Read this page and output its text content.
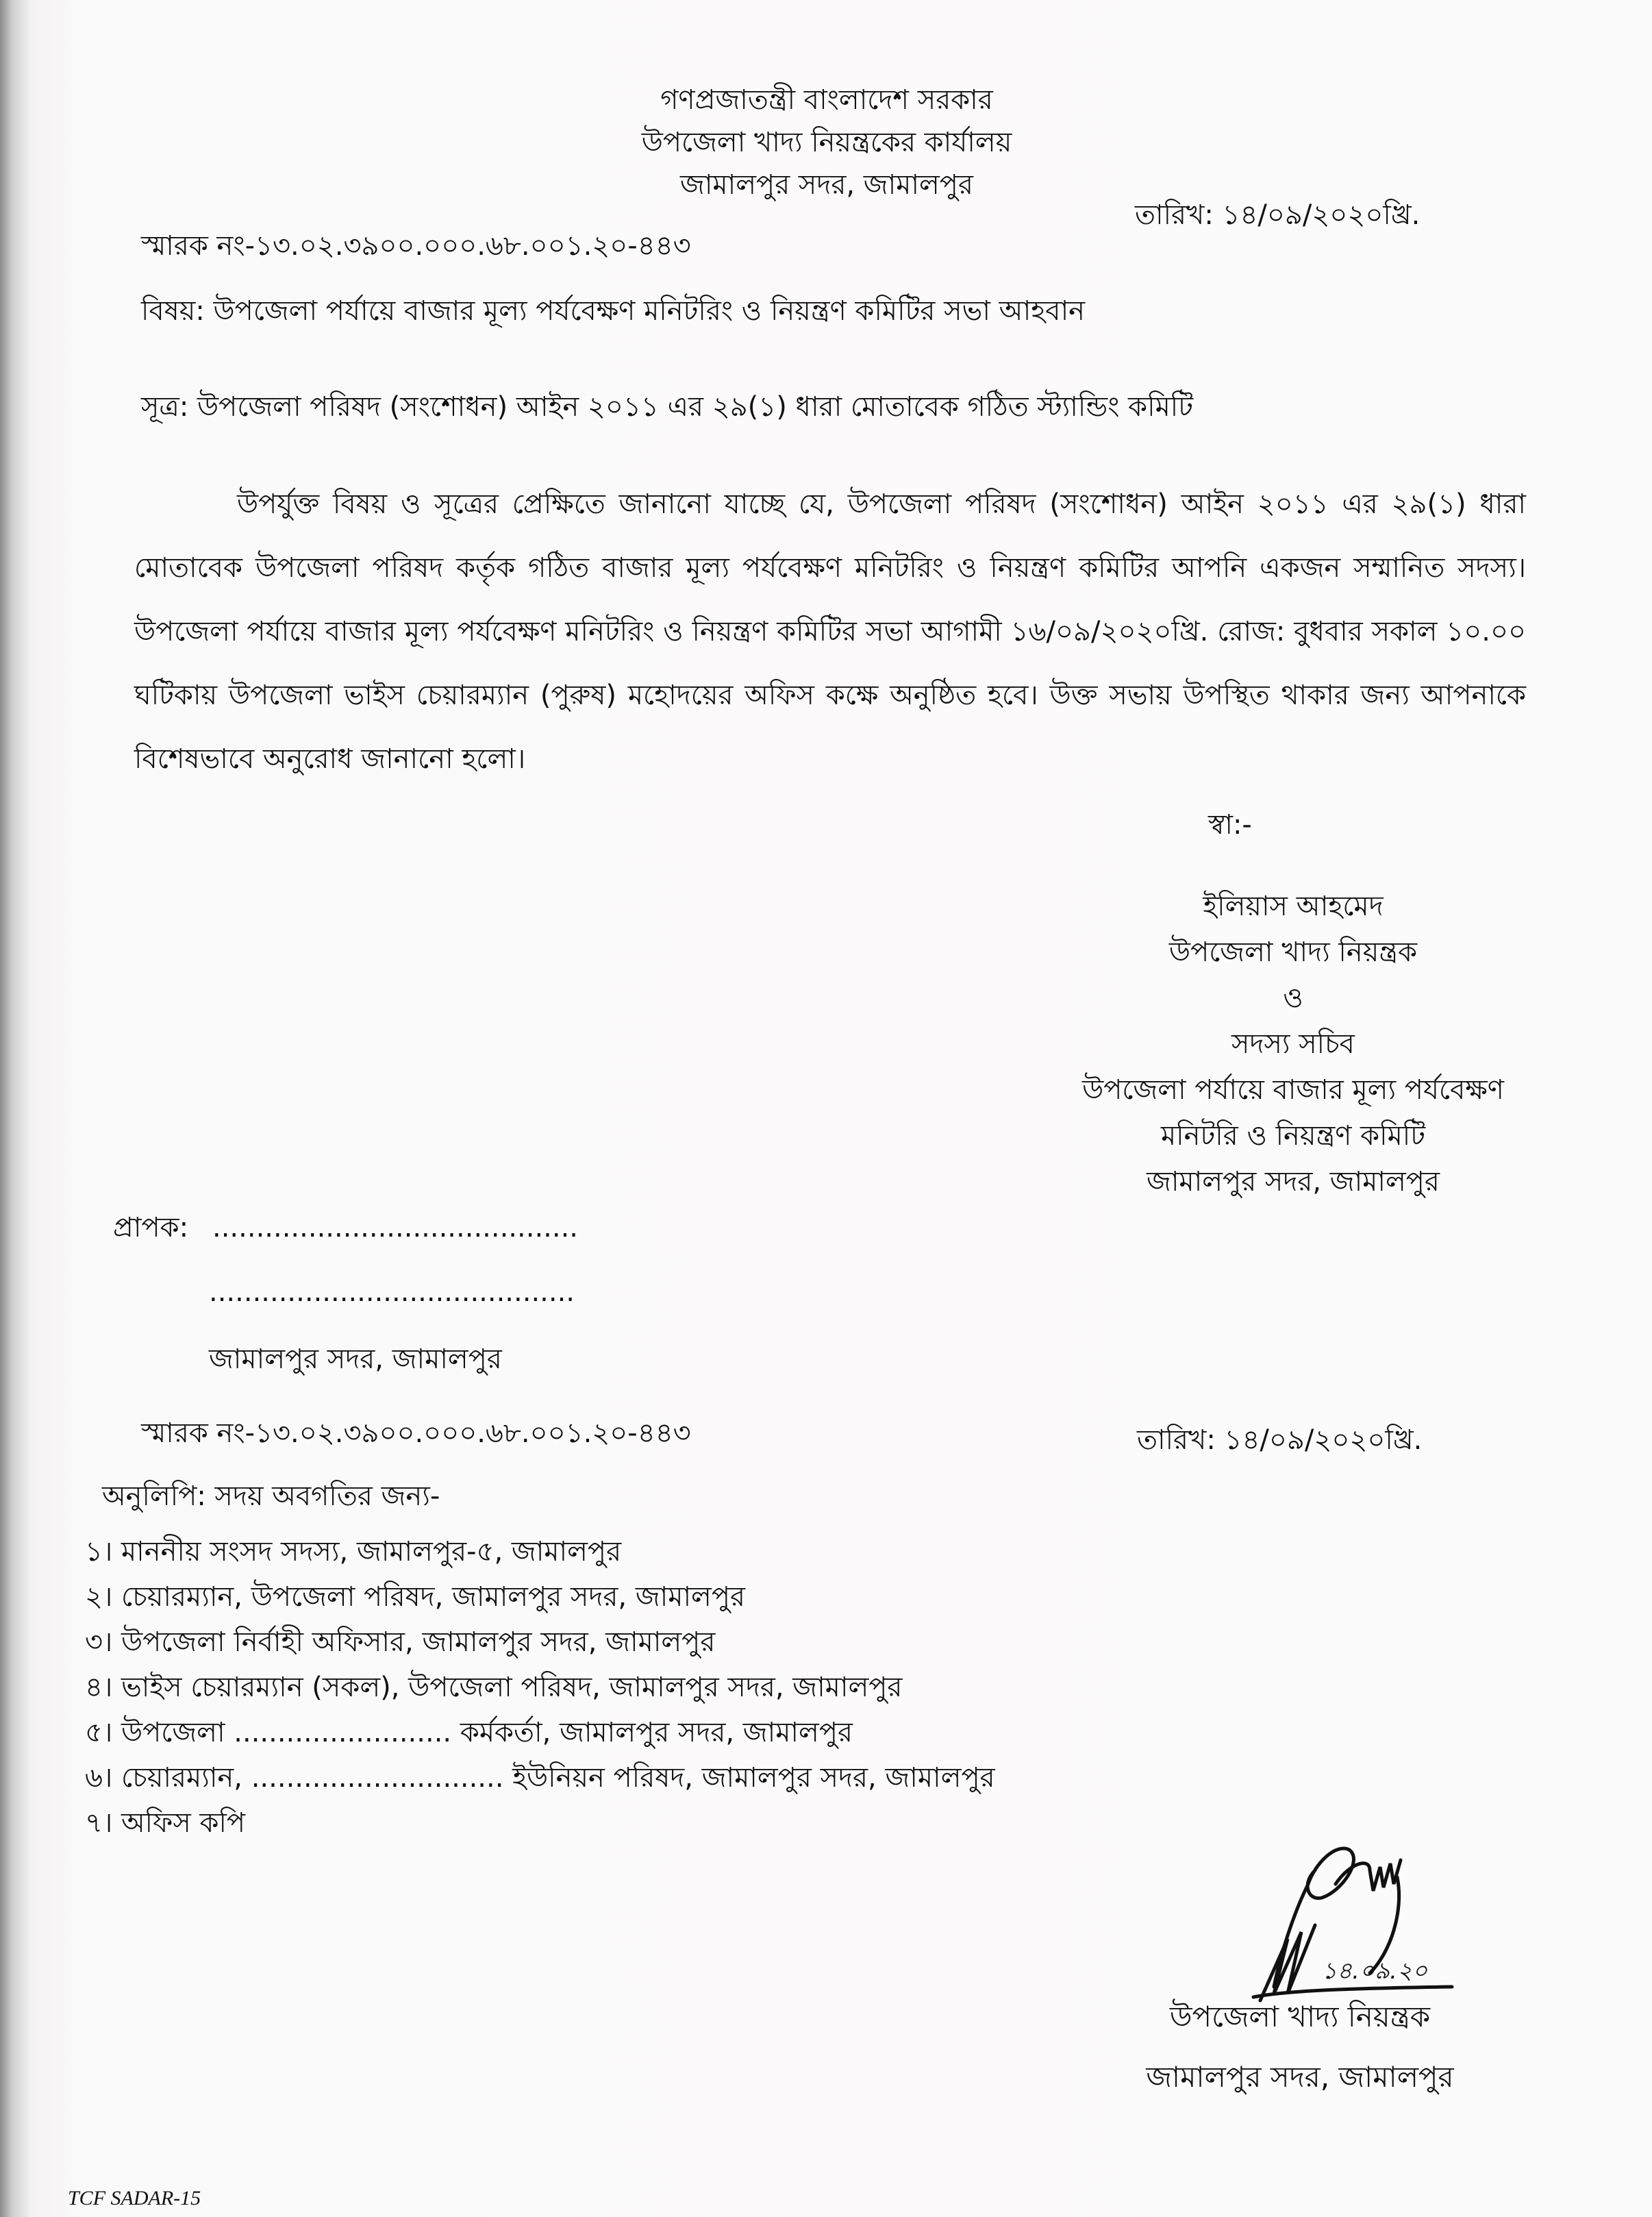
গণপ্রজাতন্ত্রী বাংলাদেশ সরকার
উপজেলা খাদ্য নিয়ন্ত্রকের কার্যালয়
জামালপুর সদর, জামালপুর
স্মারক নং-১৩.০২.৩৯০০.০০০.৬৮.০০১.২০-৪৪৩
তারিখ: ১৪/০৯/২০২০খ্রি.
বিষয়: উপজেলা পর্যায়ে বাজার মূল্য পর্যবেক্ষণ মনিটরিং ও নিয়ন্ত্রণ কমিটির সভা আহবান
সূত্র: উপজেলা পরিষদ (সংশোধন) আইন ২০১১ এর ২৯(১) ধারা মোতাবেক গঠিত স্ট্যান্ডিং কমিটি
উপর্যুক্ত বিষয় ও সূত্রের প্রেক্ষিতে জানানো যাচ্ছে যে, উপজেলা পরিষদ (সংশোধন) আইন ২০১১ এর ২৯(১) ধারা মোতাবেক উপজেলা পরিষদ কর্তৃক গঠিত বাজার মূল্য পর্যবেক্ষণ মনিটরিং ও নিয়ন্ত্রণ কমিটির আপনি একজন সম্মানিত সদস্য। উপজেলা পর্যায়ে বাজার মূল্য পর্যবেক্ষণ মনিটরিং ও নিয়ন্ত্রণ কমিটির সভা আগামী ১৬/০৯/২০২০খ্রি. রোজ: বুধবার সকাল ১০.০০ ঘটিকায় উপজেলা ভাইস চেয়ারম্যান (পুরুষ) মহোদয়ের অফিস কক্ষে অনুষ্ঠিত হবে। উক্ত সভায় উপস্থিত থাকার জন্য আপনাকে বিশেষভাবে অনুরোধ জানানো হলো।
স্বা:-
ইলিয়াস আহমেদ
উপজেলা খাদ্য নিয়ন্ত্রক
ও
সদস্য সচিব
উপজেলা পর্যায়ে বাজার মূল্য পর্যবেক্ষণ
মনিটরি ও নিয়ন্ত্রণ কমিটি
জামালপুর সদর, জামালপুর
প্রাপক: ..........................................
..........................................
জামালপুর সদর, জামালপুর
স্মারক নং-১৩.০২.৩৯০০.০০০.৬৮.০০১.২০-৪৪৩	তারিখ: ১৪/০৯/২০২০খ্রি.
অনুলিপি: সদয় অবগতির জন্য-
১। মাননীয় সংসদ সদস্য, জামালপুর-৫, জামালপুর
২। চেয়ারম্যান, উপজেলা পরিষদ, জামালপুর সদর, জামালপুর
৩। উপজেলা নির্বাহী অফিসার, জামালপুর সদর, জামালপুর
৪। ভাইস চেয়ারম্যান (সকল), উপজেলা পরিষদ, জামালপুর সদর, জামালপুর
৫। উপজেলা ......................... কর্মকর্তা, জামালপুর সদর, জামালপুর
৬। চেয়ারম্যান, ............................. ইউনিয়ন পরিষদ, জামালপুর সদর, জামালপুর
৭। অফিস কপি
১৪.০৯.২০
উপজেলা খাদ্য নিয়ন্ত্রক
জামালপুর সদর, জামালপুর
TCF SADAR-15
